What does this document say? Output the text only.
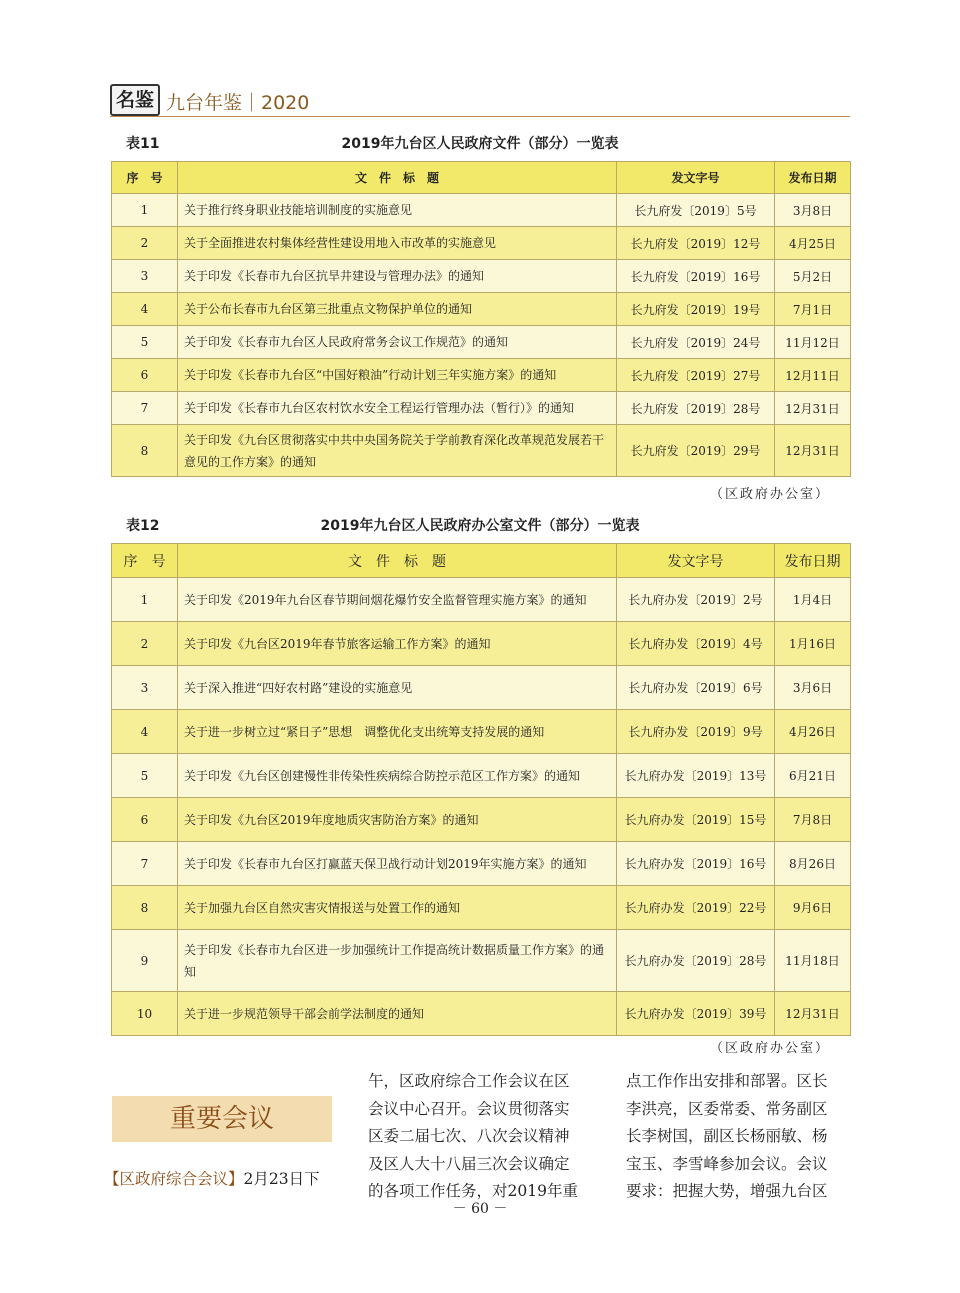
名鉴 九台年鉴｜2020
表11	2019年九台区人民政府文件（部分）一览表
序　号	文　件　标　题	发文字号	发布日期
1	关于推行终身职业技能培训制度的实施意见	长九府发〔2019〕5号	3月8日
2	关于全面推进农村集体经营性建设用地入市改革的实施意见	长九府发〔2019〕12号	4月25日
3	关于印发《长春市九台区抗旱井建设与管理办法》的通知	长九府发〔2019〕16号	5月2日
4	关于公布长春市九台区第三批重点文物保护单位的通知	长九府发〔2019〕19号	7月1日
5	关于印发《长春市九台区人民政府常务会议工作规范》的通知	长九府发〔2019〕24号	11月12日
6	关于印发《长春市九台区“中国好粮油”行动计划三年实施方案》的通知	长九府发〔2019〕27号	12月11日
7	关于印发《长春市九台区农村饮水安全工程运行管理办法（暂行）》的通知	长九府发〔2019〕28号	12月31日
8	关于印发《九台区贯彻落实中共中央国务院关于学前教育深化改革规范发展若干意见的工作方案》的通知	长九府发〔2019〕29号	12月31日
（区政府办公室）
表12	2019年九台区人民政府办公室文件（部分）一览表
序　号	文　件　标　题	发文字号	发布日期
1	关于印发《2019年九台区春节期间烟花爆竹安全监督管理实施方案》的通知	长九府办发〔2019〕2号	1月4日
2	关于印发《九台区2019年春节旅客运输工作方案》的通知	长九府办发〔2019〕4号	1月16日
3	关于深入推进“四好农村路”建设的实施意见	长九府办发〔2019〕6号	3月6日
4	关于进一步树立过“紧日子”思想　调整优化支出统筹支持发展的通知	长九府办发〔2019〕9号	4月26日
5	关于印发《九台区创建慢性非传染性疾病综合防控示范区工作方案》的通知	长九府办发〔2019〕13号	6月21日
6	关于印发《九台区2019年度地质灾害防治方案》的通知	长九府办发〔2019〕15号	7月8日
7	关于印发《长春市九台区打赢蓝天保卫战行动计划2019年实施方案》的通知	长九府办发〔2019〕16号	8月26日
8	关于加强九台区自然灾害灾情报送与处置工作的通知	长九府办发〔2019〕22号	9月6日
9	关于印发《长春市九台区进一步加强统计工作提高统计数据质量工作方案》的通知	长九府办发〔2019〕28号	11月18日
10	关于进一步规范领导干部会前学法制度的通知	长九府办发〔2019〕39号	12月31日
（区政府办公室）
重要会议
【区政府综合会议】2月23日下
午，区政府综合工作会议在区
会议中心召开。会议贯彻落实
区委二届七次、八次会议精神
及区人大十八届三次会议确定
的各项工作任务，对2019年重
点工作作出安排和部署。区长
李洪亮，区委常委、常务副区
长李树国，副区长杨丽敏、杨
宝玉、李雪峰参加会议。会议
要求：把握大势，增强九台区
－ 60 －
